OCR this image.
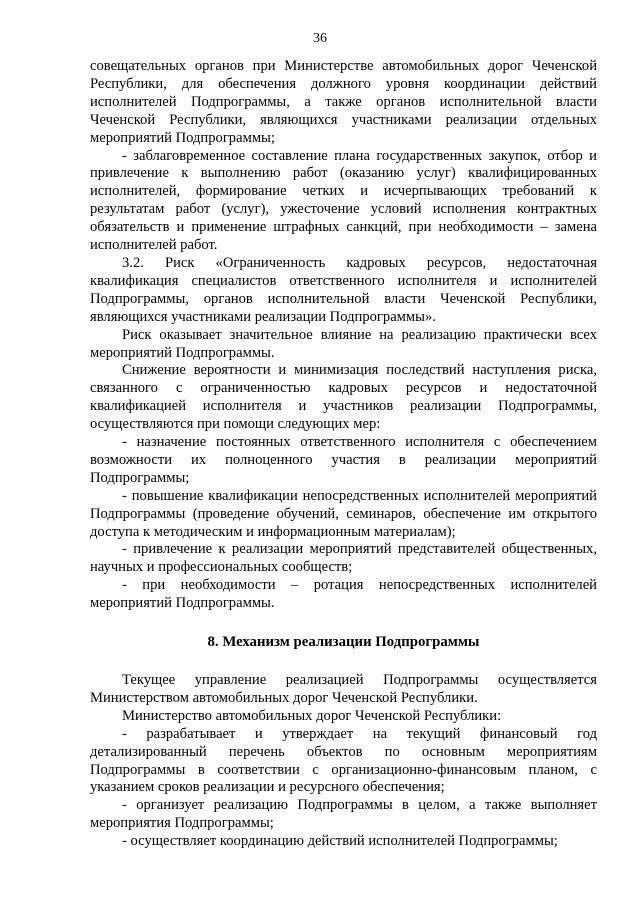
36

совещательных органов при Министерстве автомобильных дорог Чеченской Республики, для обеспечения должного уровня координации действий исполнителей Подпрограммы, а также органов исполнительной власти Чеченской Республики, являющихся участниками реализации отдельных мероприятий Подпрограммы;

- заблаговременное составление плана государственных закупок, отбор и привлечение к выполнению работ (оказанию услуг) квалифицированных исполнителей, формирование четких и исчерпывающих требований к результатам работ (услуг), ужесточение условий исполнения контрактных обязательств и применение штрафных санкций, при необходимости – замена исполнителей работ.

3.2. Риск «Ограниченность кадровых ресурсов, недостаточная квалификация специалистов ответственного исполнителя и исполнителей Подпрограммы, органов исполнительной власти Чеченской Республики, являющихся участниками реализации Подпрограммы».

Риск оказывает значительное влияние на реализацию практически всех мероприятий Подпрограммы.

Снижение вероятности и минимизация последствий наступления риска, связанного с ограниченностью кадровых ресурсов и недостаточной квалификацией исполнителя и участников реализации Подпрограммы, осуществляются при помощи следующих мер:

- назначение постоянных ответственного исполнителя с обеспечением возможности их полноценного участия в реализации мероприятий Подпрограммы;

- повышение квалификации непосредственных исполнителей мероприятий Подпрограммы (проведение обучений, семинаров, обеспечение им открытого доступа к методическим и информационным материалам);

- привлечение к реализации мероприятий представителей общественных, научных и профессиональных сообществ;

- при необходимости – ротация непосредственных исполнителей мероприятий Подпрограммы.

8. Механизм реализации Подпрограммы

Текущее управление реализацией Подпрограммы осуществляется Министерством автомобильных дорог Чеченской Республики.

Министерство автомобильных дорог Чеченской Республики:

- разрабатывает и утверждает на текущий финансовый год детализированный перечень объектов по основным мероприятиям Подпрограммы в соответствии с организационно-финансовым планом, с указанием сроков реализации и ресурсного обеспечения;

- организует реализацию Подпрограммы в целом, а также выполняет мероприятия Подпрограммы;

- осуществляет координацию действий исполнителей Подпрограммы;
